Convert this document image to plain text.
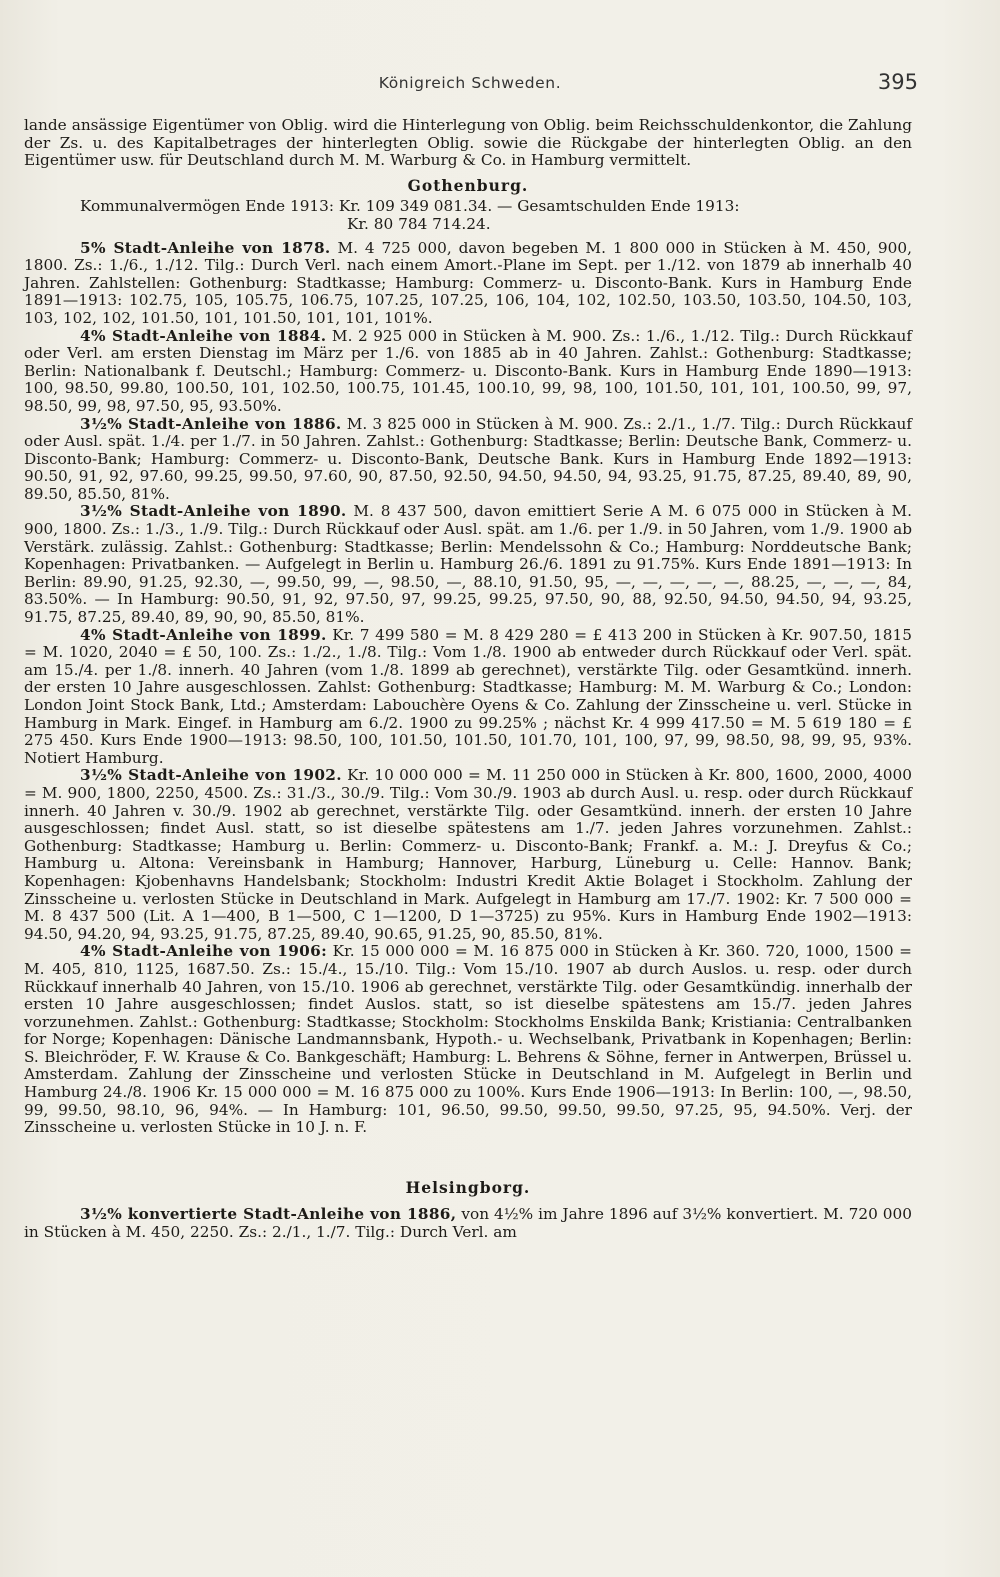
Königreich Schweden.	395

lande ansässige Eigentümer von Oblig. wird die Hinterlegung von Oblig. beim Reichsschuldenkontor, die Zahlung der Zs. u. des Kapitalbetrages der hinterlegten Oblig. sowie die Rückgabe der hinterlegten Oblig. an den Eigentümer usw. für Deutschland durch M. M. Warburg & Co. in Hamburg vermittelt.

Gothenburg.

Kommunalvermögen Ende 1913: Kr. 109 349 081.34. — Gesamtschulden Ende 1913:

Kr. 80 784 714.24.

5% Stadt-Anleihe von 1878. M. 4 725 000, davon begeben M. 1 800 000 in Stücken à M. 450, 900, 1800. Zs.: 1./6., 1./12. Tilg.: Durch Verl. nach einem Amort.-Plane im Sept. per 1./12. von 1879 ab innerhalb 40 Jahren. Zahlstellen: Gothenburg: Stadtkasse; Hamburg: Commerz- u. Disconto-Bank. Kurs in Hamburg Ende 1891—1913: 102.75, 105, 105.75, 106.75, 107.25, 107.25, 106, 104, 102, 102.50, 103.50, 103.50, 104.50, 103, 103, 102, 102, 101.50, 101, 101.50, 101, 101, 101%.

4% Stadt-Anleihe von 1884. M. 2 925 000 in Stücken à M. 900. Zs.: 1./6., 1./12. Tilg.: Durch Rückkauf oder Verl. am ersten Dienstag im März per 1./6. von 1885 ab in 40 Jahren. Zahlst.: Gothenburg: Stadtkasse; Berlin: Nationalbank f. Deutschl.; Hamburg: Commerz- u. Disconto-Bank. Kurs in Hamburg Ende 1890—1913: 100, 98.50, 99.80, 100.50, 101, 102.50, 100.75, 101.45, 100.10, 99, 98, 100, 101.50, 101, 101, 100.50, 99, 97, 98.50, 99, 98, 97.50, 95, 93.50%.

3½% Stadt-Anleihe von 1886. M. 3 825 000 in Stücken à M. 900. Zs.: 2./1., 1./7. Tilg.: Durch Rückkauf oder Ausl. spät. 1./4. per 1./7. in 50 Jahren. Zahlst.: Gothenburg: Stadtkasse; Berlin: Deutsche Bank, Commerz- u. Disconto-Bank; Hamburg: Commerz- u. Disconto-Bank, Deutsche Bank. Kurs in Hamburg Ende 1892—1913: 90.50, 91, 92, 97.60, 99.25, 99.50, 97.60, 90, 87.50, 92.50, 94.50, 94.50, 94, 93.25, 91.75, 87.25, 89.40, 89, 90, 89.50, 85.50, 81%.

3½% Stadt-Anleihe von 1890. M. 8 437 500, davon emittiert Serie A M. 6 075 000 in Stücken à M. 900, 1800. Zs.: 1./3., 1./9. Tilg.: Durch Rückkauf oder Ausl. spät. am 1./6. per 1./9. in 50 Jahren, vom 1./9. 1900 ab Verstärk. zulässig. Zahlst.: Gothenburg: Stadtkasse; Berlin: Mendelssohn & Co.; Hamburg: Norddeutsche Bank; Kopenhagen: Privatbanken. — Aufgelegt in Berlin u. Hamburg 26./6. 1891 zu 91.75%. Kurs Ende 1891—1913: In Berlin: 89.90, 91.25, 92.30, —, 99.50, 99, —, 98.50, —, 88.10, 91.50, 95, —, —, —, —, —, 88.25, —, —, —, 84, 83.50%. — In Hamburg: 90.50, 91, 92, 97.50, 97, 99.25, 99.25, 97.50, 90, 88, 92.50, 94.50, 94.50, 94, 93.25, 91.75, 87.25, 89.40, 89, 90, 90, 85.50, 81%.

4% Stadt-Anleihe von 1899. Kr. 7 499 580 = M. 8 429 280 = £ 413 200 in Stücken à Kr. 907.50, 1815 = M. 1020, 2040 = £ 50, 100. Zs.: 1./2., 1./8. Tilg.: Vom 1./8. 1900 ab entweder durch Rückkauf oder Verl. spät. am 15./4. per 1./8. innerh. 40 Jahren (vom 1./8. 1899 ab gerechnet), verstärkte Tilg. oder Gesamtkünd. innerh. der ersten 10 Jahre ausgeschlossen. Zahlst: Gothenburg: Stadtkasse; Hamburg: M. M. Warburg & Co.; London: London Joint Stock Bank, Ltd.; Amsterdam: Labouchère Oyens & Co. Zahlung der Zinsscheine u. verl. Stücke in Hamburg in Mark. Eingef. in Hamburg am 6./2. 1900 zu 99.25% ; nächst Kr. 4 999 417.50 = M. 5 619 180 = £ 275 450. Kurs Ende 1900—1913: 98.50, 100, 101.50, 101.50, 101.70, 101, 100, 97, 99, 98.50, 98, 99, 95, 93%. Notiert Hamburg.

3½% Stadt-Anleihe von 1902. Kr. 10 000 000 = M. 11 250 000 in Stücken à Kr. 800, 1600, 2000, 4000 = M. 900, 1800, 2250, 4500. Zs.: 31./3., 30./9. Tilg.: Vom 30./9. 1903 ab durch Ausl. u. resp. oder durch Rückkauf innerh. 40 Jahren v. 30./9. 1902 ab gerechnet, verstärkte Tilg. oder Gesamtkünd. innerh. der ersten 10 Jahre ausgeschlossen; findet Ausl. statt, so ist dieselbe spätestens am 1./7. jeden Jahres vorzunehmen. Zahlst.: Gothenburg: Stadtkasse; Hamburg u. Berlin: Commerz- u. Disconto-Bank; Frankf. a. M.: J. Dreyfus & Co.; Hamburg u. Altona: Vereinsbank in Hamburg; Hannover, Harburg, Lüneburg u. Celle: Hannov. Bank; Kopenhagen: Kjobenhavns Handelsbank; Stockholm: Industri Kredit Aktie Bolaget i Stockholm. Zahlung der Zinsscheine u. verlosten Stücke in Deutschland in Mark. Aufgelegt in Hamburg am 17./7. 1902: Kr. 7 500 000 = M. 8 437 500 (Lit. A 1—400, B 1—500, C 1—1200, D 1—3725) zu 95%. Kurs in Hamburg Ende 1902—1913: 94.50, 94.20, 94, 93.25, 91.75, 87.25, 89.40, 90.65, 91.25, 90, 85.50, 81%.

4% Stadt-Anleihe von 1906: Kr. 15 000 000 = M. 16 875 000 in Stücken à Kr. 360. 720, 1000, 1500 = M. 405, 810, 1125, 1687.50. Zs.: 15./4., 15./10. Tilg.: Vom 15./10. 1907 ab durch Auslos. u. resp. oder durch Rückkauf innerhalb 40 Jahren, von 15./10. 1906 ab gerechnet, verstärkte Tilg. oder Gesamtkündig. innerhalb der ersten 10 Jahre ausgeschlossen; findet Auslos. statt, so ist dieselbe spätestens am 15./7. jeden Jahres vorzunehmen. Zahlst.: Gothenburg: Stadtkasse; Stockholm: Stockholms Enskilda Bank; Kristiania: Centralbanken for Norge; Kopenhagen: Dänische Landmannsbank, Hypoth.- u. Wechselbank, Privatbank in Kopenhagen; Berlin: S. Bleichröder, F. W. Krause & Co. Bankgeschäft; Hamburg: L. Behrens & Söhne, ferner in Antwerpen, Brüssel u. Amsterdam. Zahlung der Zinsscheine und verlosten Stücke in Deutschland in M. Aufgelegt in Berlin und Hamburg 24./8. 1906 Kr. 15 000 000 = M. 16 875 000 zu 100%. Kurs Ende 1906—1913: In Berlin: 100, —, 98.50, 99, 99.50, 98.10, 96, 94%. — In Hamburg: 101, 96.50, 99.50, 99.50, 99.50, 97.25, 95, 94.50%. Verj. der Zinsscheine u. verlosten Stücke in 10 J. n. F.

Helsingborg.

3½% konvertierte Stadt-Anleihe von 1886, von 4½% im Jahre 1896 auf 3½% konvertiert. M. 720 000 in Stücken à M. 450, 2250. Zs.: 2./1., 1./7. Tilg.: Durch Verl. am
